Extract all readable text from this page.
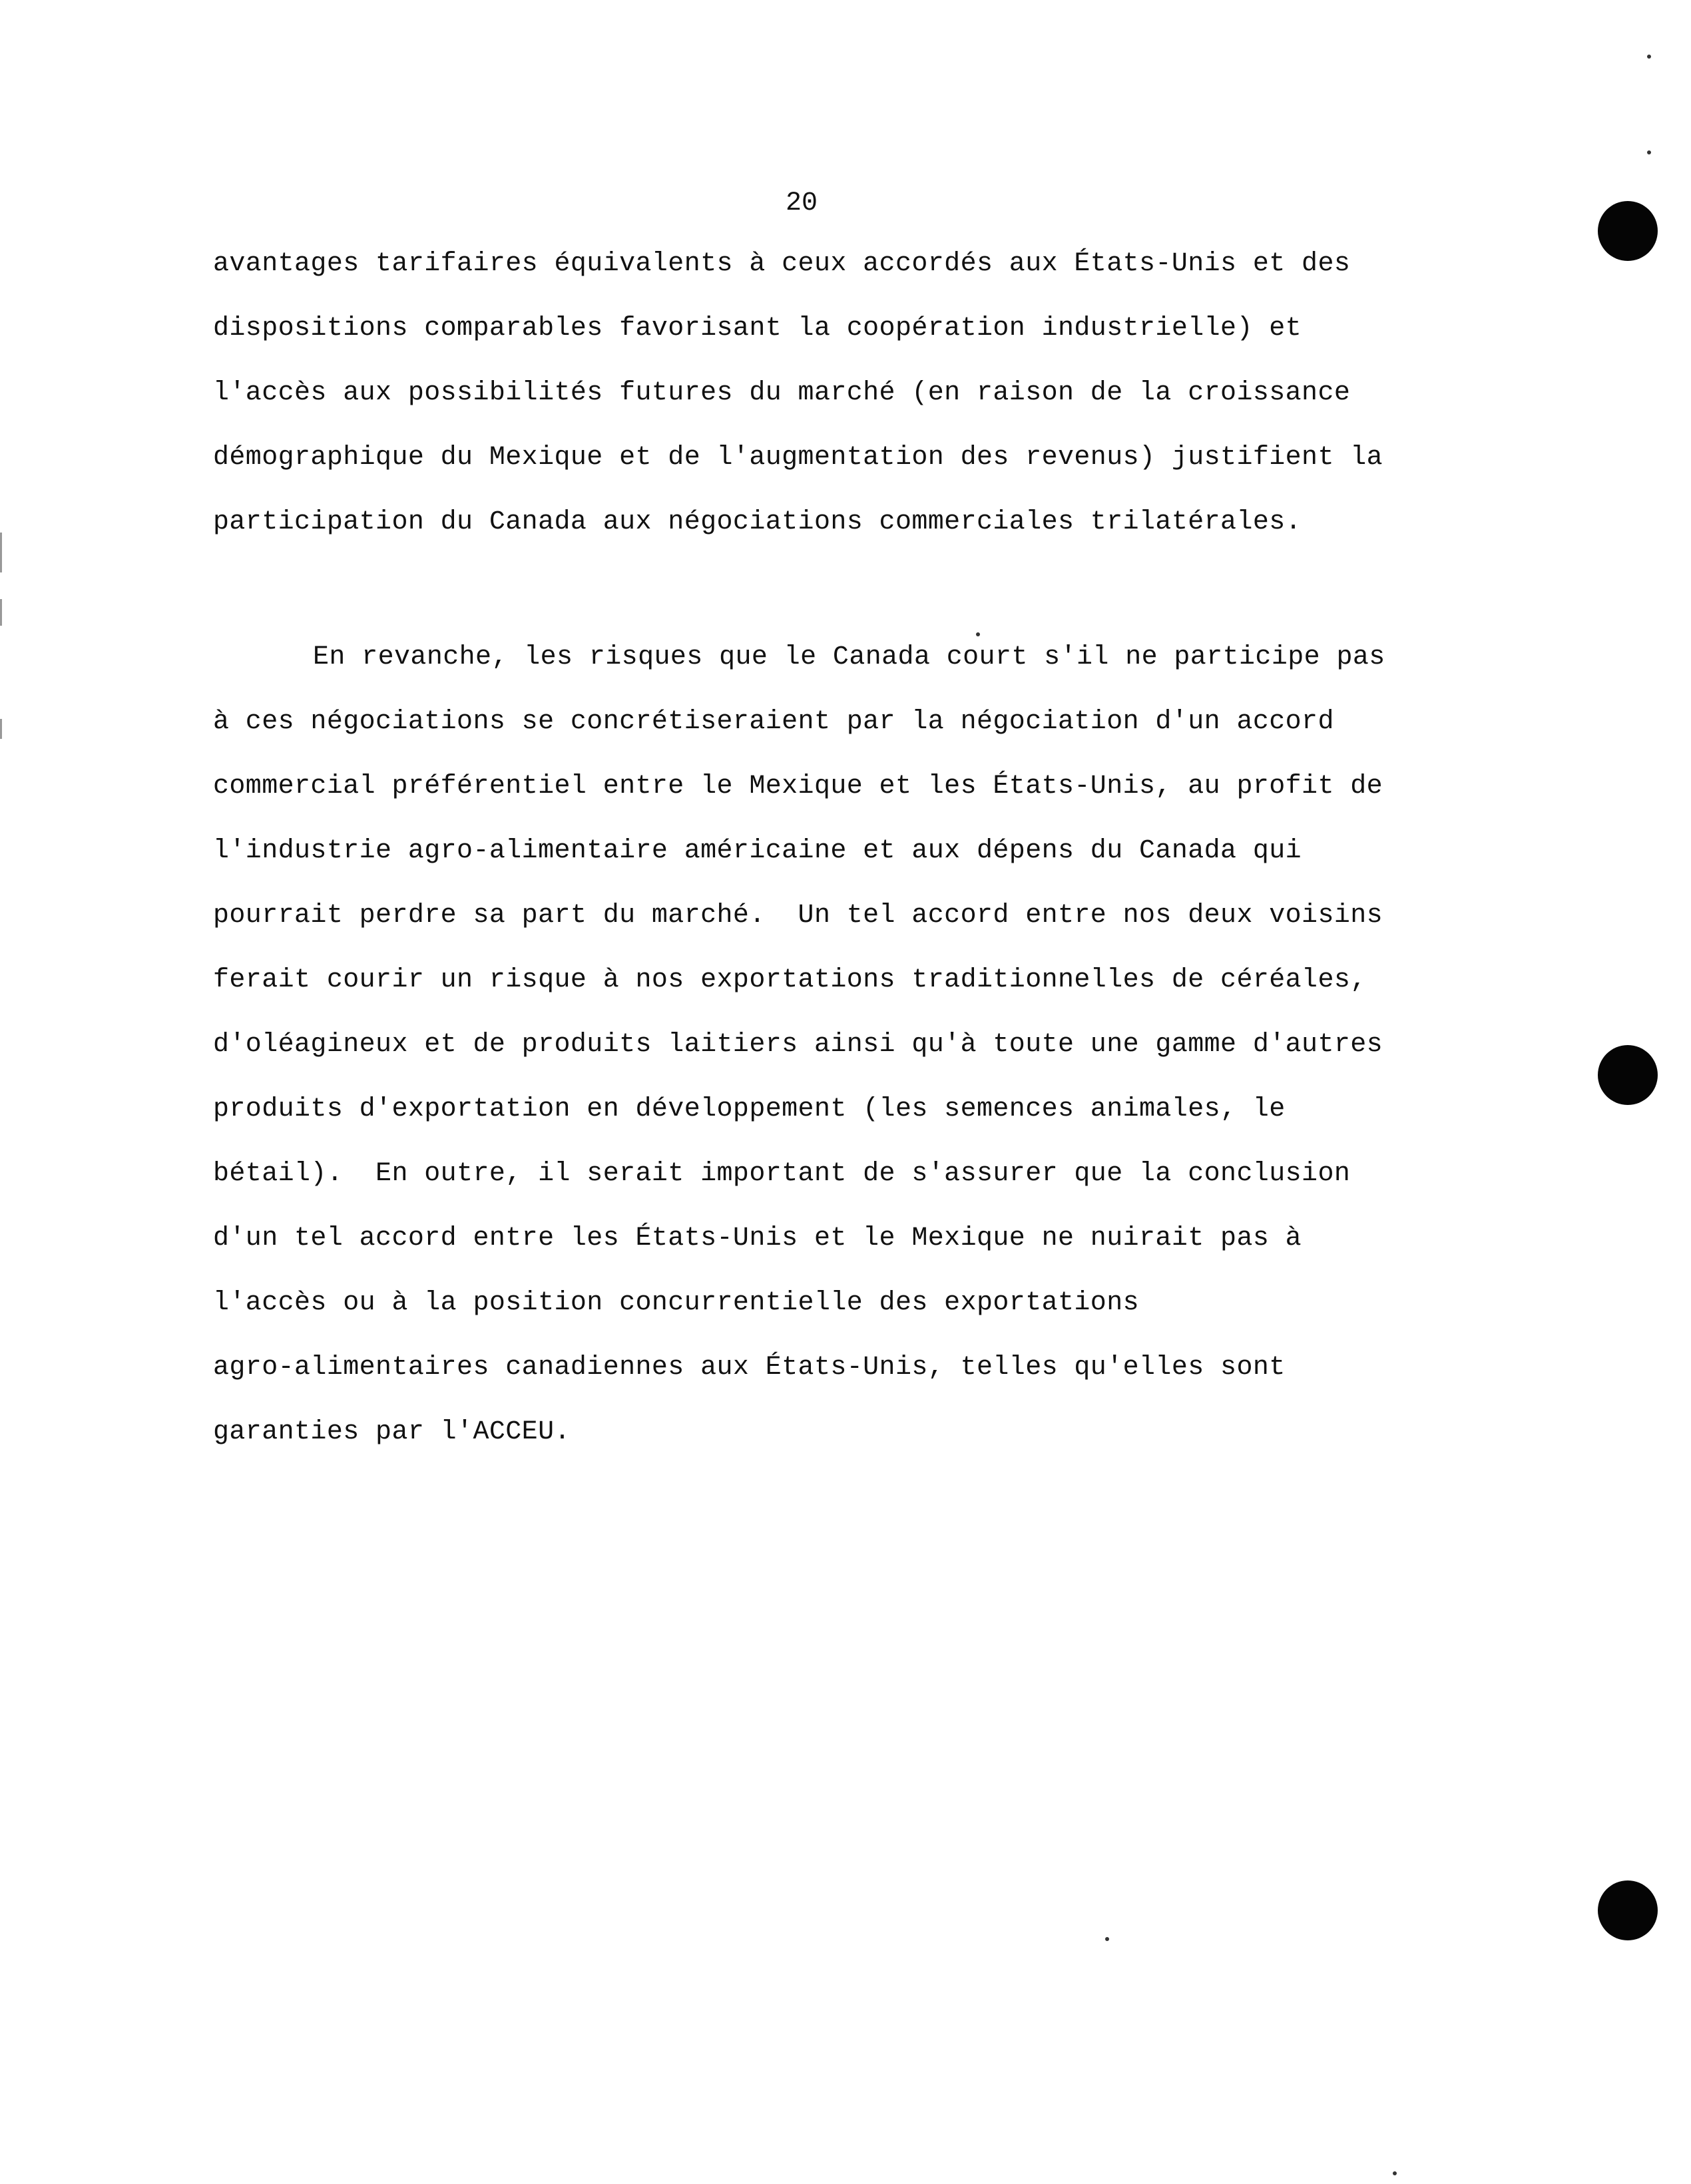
20
avantages tarifaires équivalents à ceux accordés aux États-Unis et des
dispositions comparables favorisant la coopération industrielle) et
l'accès aux possibilités futures du marché (en raison de la croissance
démographique du Mexique et de l'augmentation des revenus) justifient la
participation du Canada aux négociations commerciales trilatérales.
En revanche, les risques que le Canada court s'il ne participe pas
à ces négociations se concrétiseraient par la négociation d'un accord
commercial préférentiel entre le Mexique et les États-Unis, au profit de
l'industrie agro-alimentaire américaine et aux dépens du Canada qui
pourrait perdre sa part du marché.  Un tel accord entre nos deux voisins
ferait courir un risque à nos exportations traditionnelles de céréales,
d'oléagineux et de produits laitiers ainsi qu'à toute une gamme d'autres
produits d'exportation en développement (les semences animales, le
bétail).  En outre, il serait important de s'assurer que la conclusion
d'un tel accord entre les États-Unis et le Mexique ne nuirait pas à
l'accès ou à la position concurrentielle des exportations
agro-alimentaires canadiennes aux États-Unis, telles qu'elles sont
garanties par l'ACCEU.
